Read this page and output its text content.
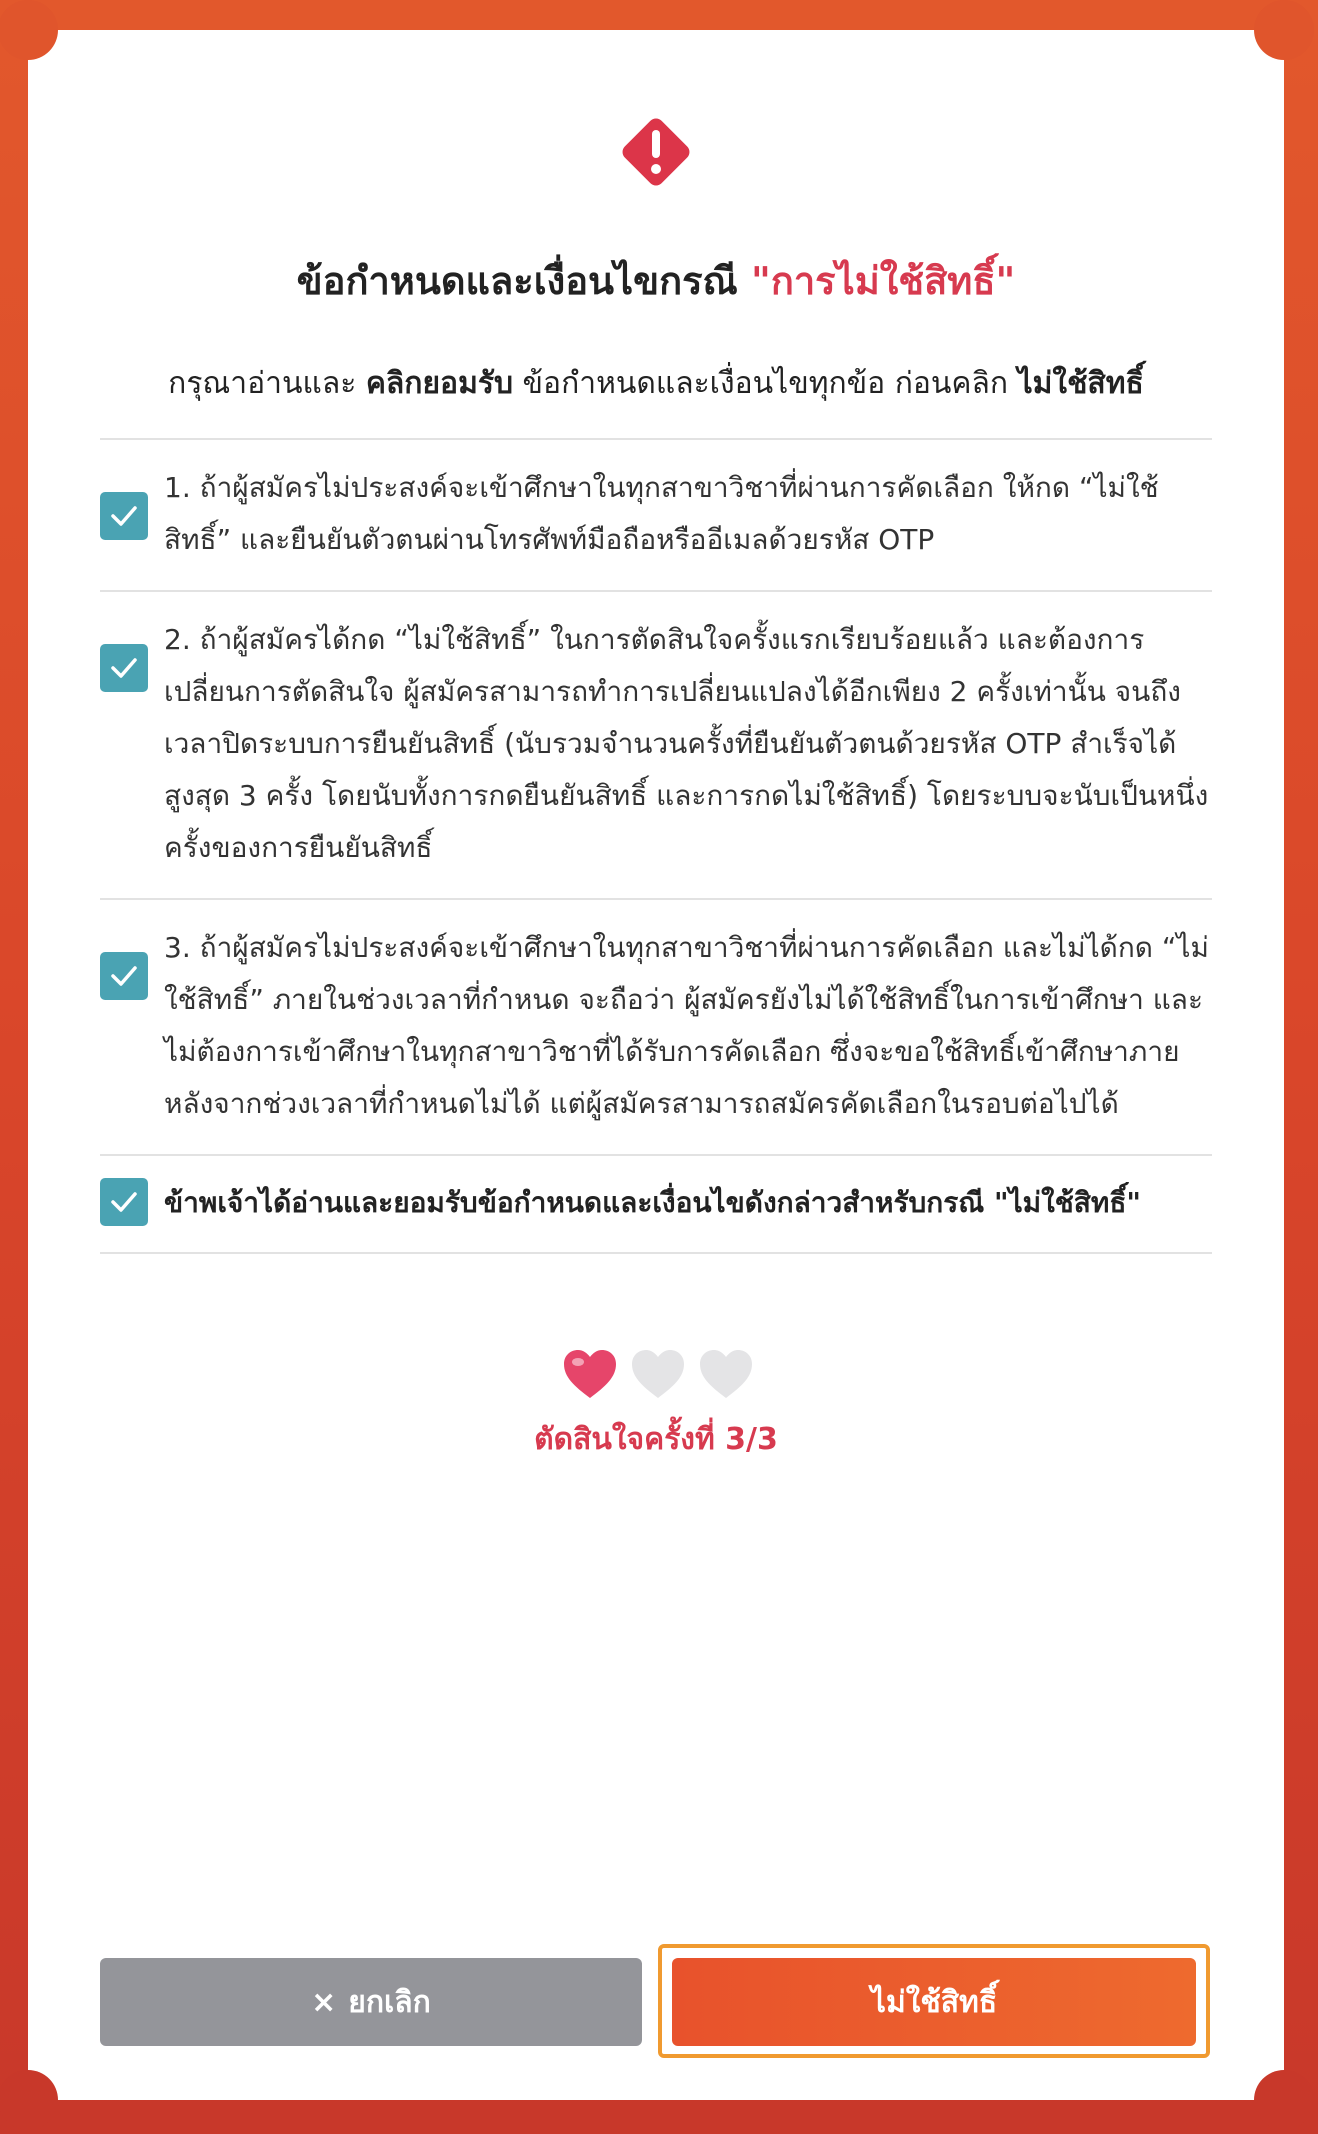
ข้อกำหนดและเงื่อนไขกรณี "การไม่ใช้สิทธิ์"
กรุณาอ่านและ คลิกยอมรับ ข้อกำหนดและเงื่อนไขทุกข้อ ก่อนคลิก ไม่ใช้สิทธิ์
1. ถ้าผู้สมัครไม่ประสงค์จะเข้าศึกษาในทุกสาขาวิชาที่ผ่านการคัดเลือก ให้กด “ไม่ใช้สิทธิ์” และยืนยันตัวตนผ่านโทรศัพท์มือถือหรืออีเมลด้วยรหัส OTP
2. ถ้าผู้สมัครได้กด “ไม่ใช้สิทธิ์” ในการตัดสินใจครั้งแรกเรียบร้อยแล้ว และต้องการเปลี่ยนการตัดสินใจ ผู้สมัครสามารถทำการเปลี่ยนแปลงได้อีกเพียง 2 ครั้งเท่านั้น จนถึงเวลาปิดระบบการยืนยันสิทธิ์ (นับรวมจำนวนครั้งที่ยืนยันตัวตนด้วยรหัส OTP สำเร็จได้สูงสุด 3 ครั้ง โดยนับทั้งการกดยืนยันสิทธิ์ และการกดไม่ใช้สิทธิ์) โดยระบบจะนับเป็นหนึ่งครั้งของการยืนยันสิทธิ์
3. ถ้าผู้สมัครไม่ประสงค์จะเข้าศึกษาในทุกสาขาวิชาที่ผ่านการคัดเลือก และไม่ได้กด “ไม่ใช้สิทธิ์” ภายในช่วงเวลาที่กำหนด จะถือว่า ผู้สมัครยังไม่ได้ใช้สิทธิ์ในการเข้าศึกษา และไม่ต้องการเข้าศึกษาในทุกสาขาวิชาที่ได้รับการคัดเลือก ซึ่งจะขอใช้สิทธิ์เข้าศึกษาภายหลังจากช่วงเวลาที่กำหนดไม่ได้ แต่ผู้สมัครสามารถสมัครคัดเลือกในรอบต่อไปได้
ข้าพเจ้าได้อ่านและยอมรับข้อกำหนดและเงื่อนไขดังกล่าวสำหรับกรณี "ไม่ใช้สิทธิ์"
ตัดสินใจครั้งที่ 3/3
× ยกเลิก	ไม่ใช้สิทธิ์
